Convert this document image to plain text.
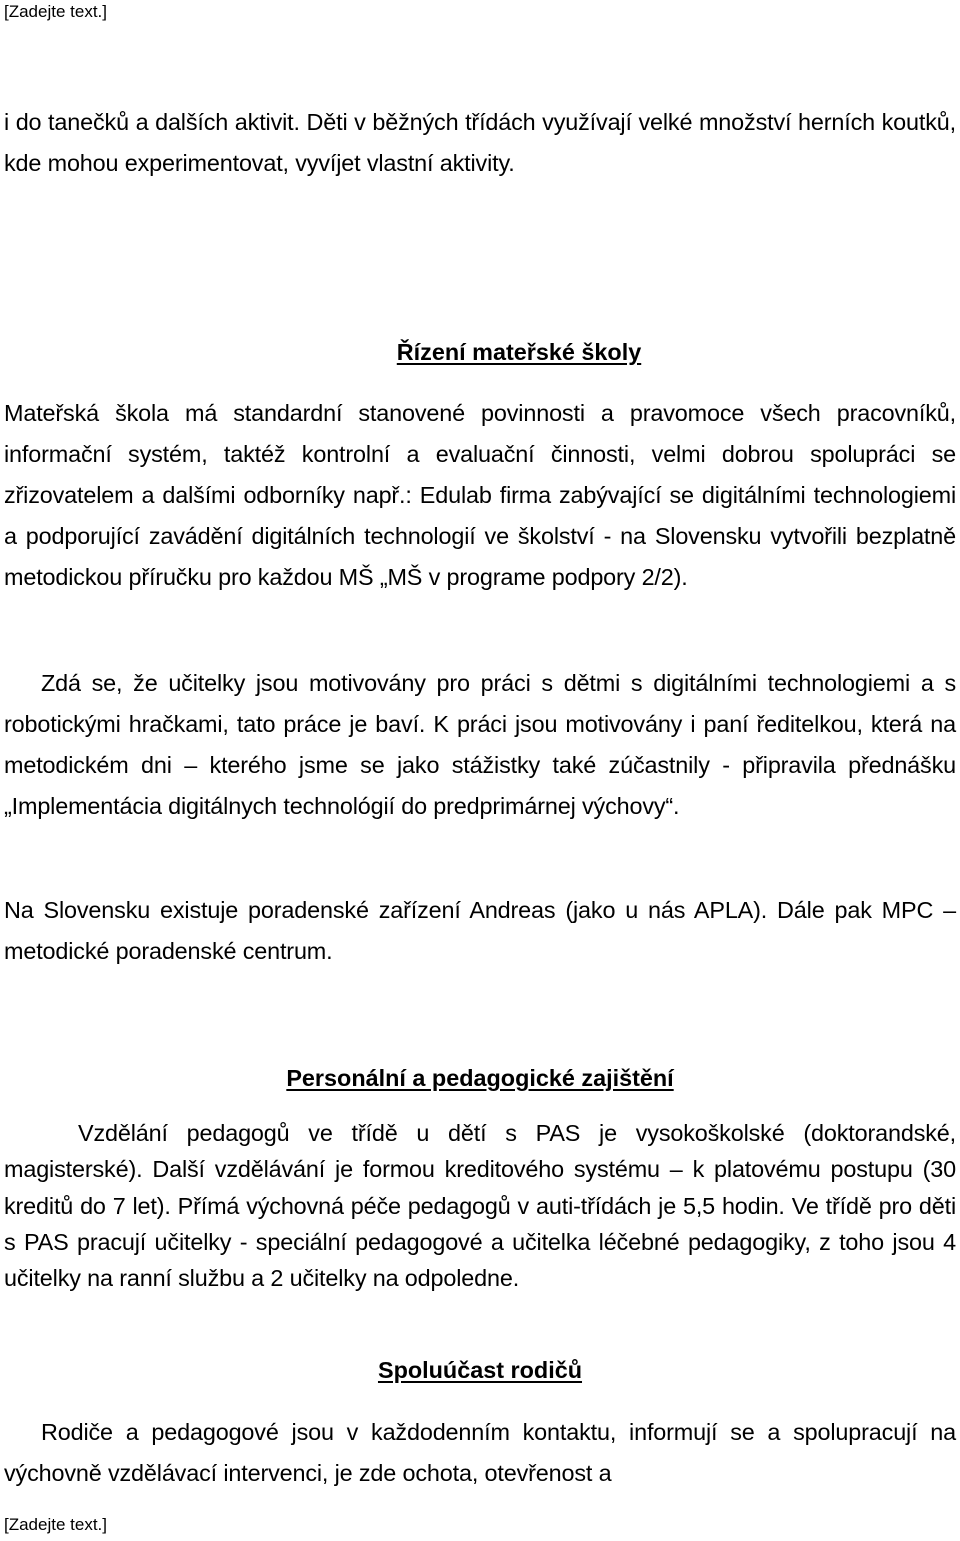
[Zadejte text.]

i do tanečků a dalších aktivit. Děti v běžných třídách využívají velké množství herních koutků, kde mohou experimentovat, vyvíjet vlastní aktivity.

Řízení mateřské školy

Mateřská škola má standardní stanovené povinnosti a pravomoce všech pracovníků, informační systém, taktéž kontrolní a evaluační činnosti, velmi dobrou spolupráci se zřizovatelem a dalšími odborníky např.: Edulab firma zabývající se digitálními technologiemi a podporující zavádění digitálních technologií ve školství - na Slovensku vytvořili bezplatně metodickou příručku pro každou MŠ „MŠ v programe podpory 2/2).

Zdá se, že učitelky jsou motivovány pro práci s dětmi s digitálními technologiemi a s robotickými hračkami, tato práce je baví. K práci jsou motivovány i paní ředitelkou, která na metodickém dni – kterého jsme se jako stážistky také zúčastnily - připravila přednášku „Implementácia digitálnych technológií do predprimárnej výchovy“.

Na Slovensku existuje poradenské zařízení Andreas (jako u nás APLA). Dále pak MPC – metodické poradenské centrum.

Personální a pedagogické zajištění

Vzdělání pedagogů ve třídě u dětí s PAS je vysokoškolské (doktorandské, magisterské). Další vzdělávání je formou kreditového systému – k platovému postupu (30 kreditů do 7 let). Přímá výchovná péče pedagogů v auti-třídách je 5,5 hodin. Ve třídě pro děti s PAS pracují učitelky - speciální pedagogové a učitelka léčebné pedagogiky, z toho jsou 4 učitelky na ranní službu a 2 učitelky na odpoledne.

Spoluúčast rodičů

Rodiče a pedagogové jsou v každodenním kontaktu, informují se a spolupracují na výchovně vzdělávací intervenci, je zde ochota, otevřenost a

[Zadejte text.]
